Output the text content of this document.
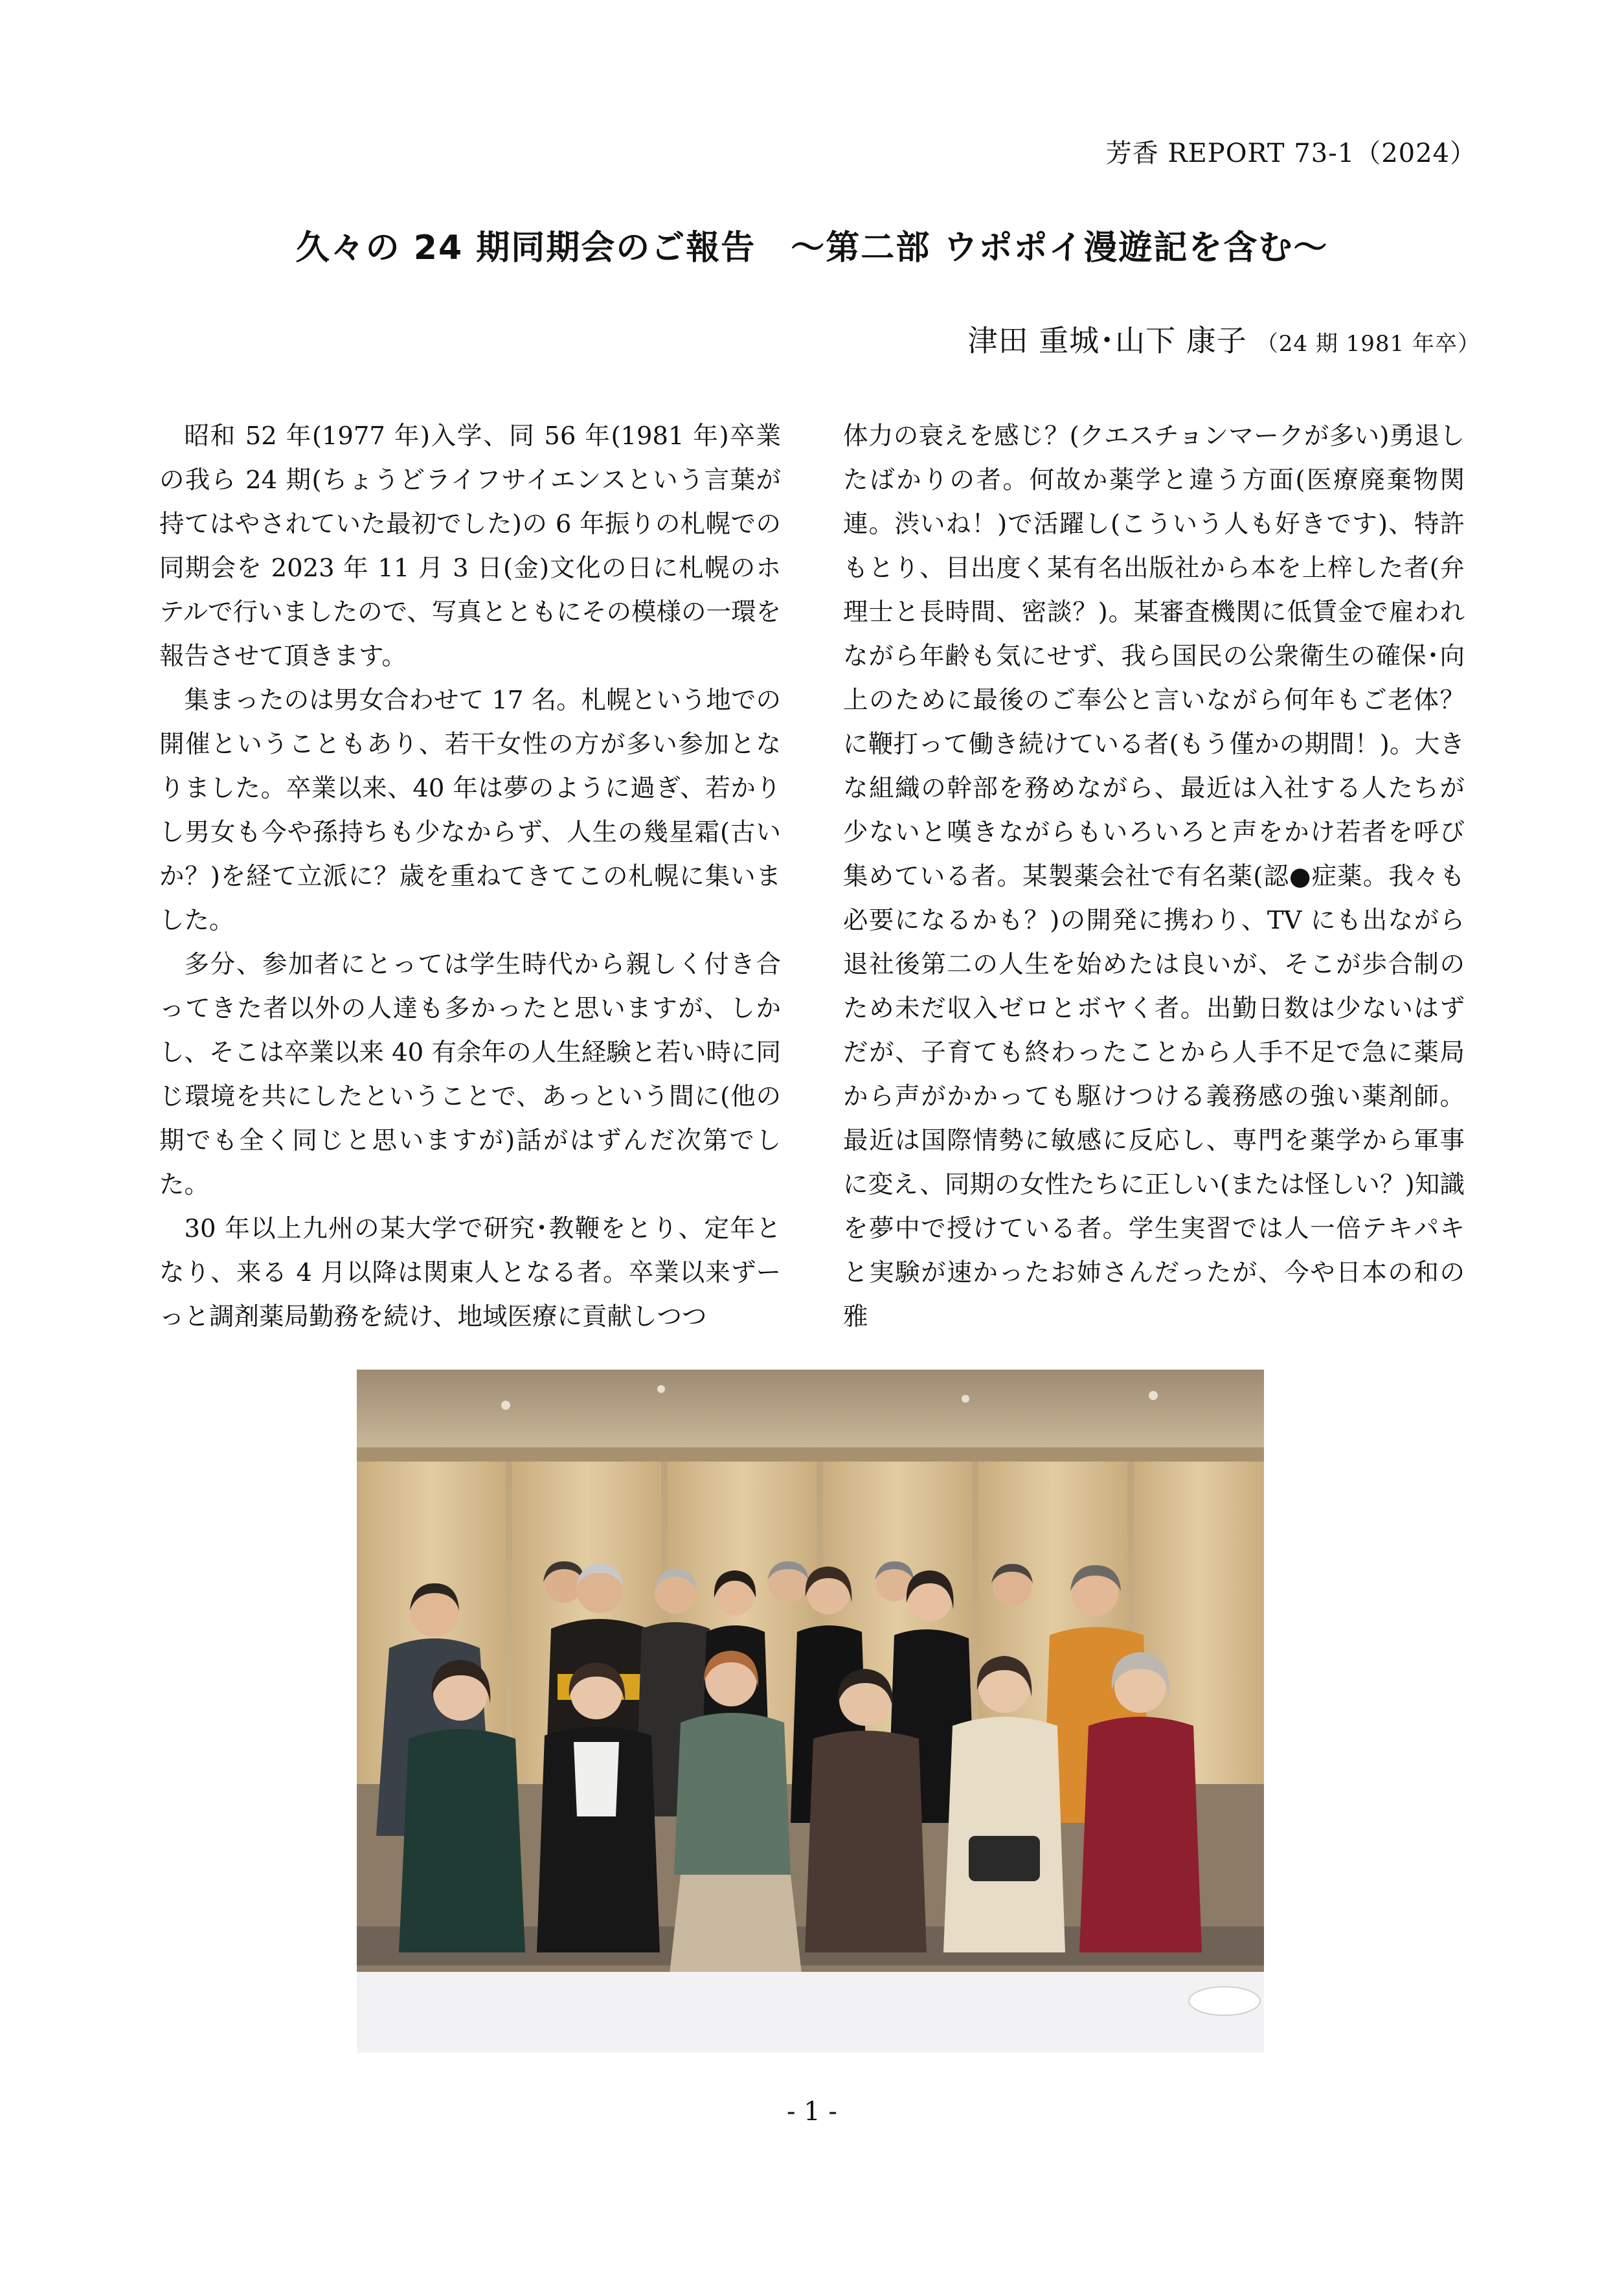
芳香 REPORT 73-1（2024）
久々の 24 期同期会のご報告　～第二部 ウポポイ漫遊記を含む～
津田 重城･山下 康子 （24 期 1981 年卒）

昭和 52 年(1977 年)入学、同 56 年(1981 年)卒業の我ら 24 期(ちょうどライフサイエンスという言葉が持てはやされていた最初でした)の 6 年振りの札幌での同期会を 2023 年 11 月 3 日(金)文化の日に札幌のホテルで行いましたので、写真とともにその模様の一環を報告させて頂きます。

集まったのは男女合わせて 17 名。札幌という地での開催ということもあり、若干女性の方が多い参加となりました。卒業以来、40 年は夢のように過ぎ、若かりし男女も今や孫持ちも少なからず、人生の幾星霜(古いか？)を経て立派に？歳を重ねてきてこの札幌に集いました。

多分、参加者にとっては学生時代から親しく付き合ってきた者以外の人達も多かったと思いますが、しかし、そこは卒業以来 40 有余年の人生経験と若い時に同じ環境を共にしたということで、あっという間に(他の期でも全く同じと思いますが)話がはずんだ次第でした。

30 年以上九州の某大学で研究･教鞭をとり、定年となり、来る 4 月以降は関東人となる者。卒業以来ずーっと調剤薬局勤務を続け、地域医療に貢献しつつ

体力の衰えを感じ？(クエスチョンマークが多い)勇退したばかりの者。何故か薬学と違う方面(医療廃棄物関連。渋いね！)で活躍し(こういう人も好きです)、特許もとり、目出度く某有名出版社から本を上梓した者(弁理士と長時間、密談？)。某審査機関に低賃金で雇われながら年齢も気にせず、我ら国民の公衆衛生の確保･向上のために最後のご奉公と言いながら何年もご老体？に鞭打って働き続けている者(もう僅かの期間！)。大きな組織の幹部を務めながら、最近は入社する人たちが少ないと嘆きながらもいろいろと声をかけ若者を呼び集めている者。某製薬会社で有名薬(認●症薬。我々も必要になるかも？)の開発に携わり、TV にも出ながら退社後第二の人生を始めたは良いが、そこが歩合制のため未だ収入ゼロとボヤく者。出勤日数は少ないはずだが、子育ても終わったことから人手不足で急に薬局から声がかかっても駆けつける義務感の強い薬剤師。最近は国際情勢に敏感に反応し、専門を薬学から軍事に変え、同期の女性たちに正しい(または怪しい？)知識を夢中で授けている者。学生実習では人一倍テキパキと実験が速かったお姉さんだったが、今や日本の和の雅

- 1 -
